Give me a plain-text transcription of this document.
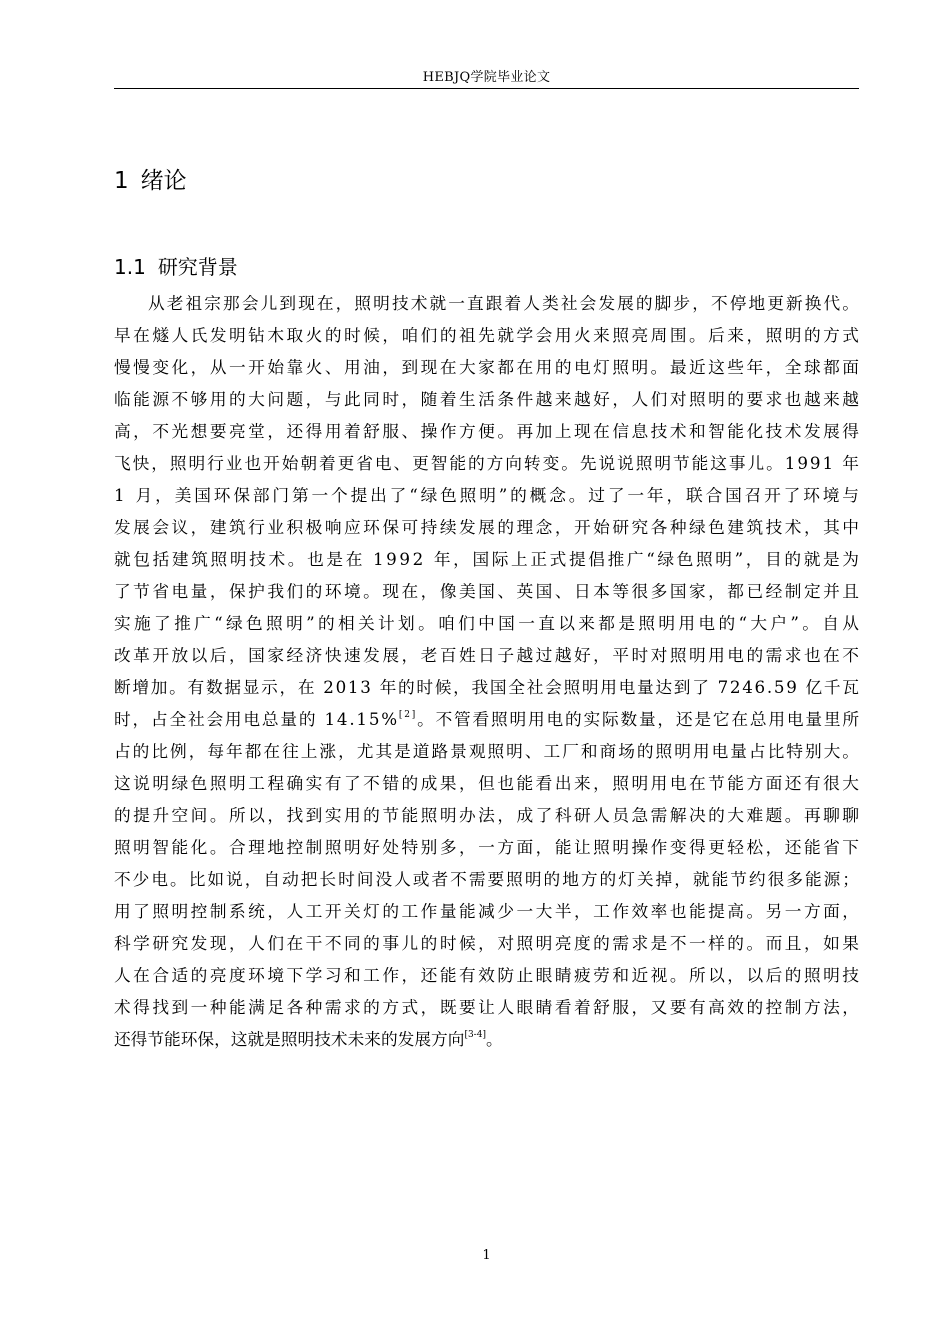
HEBJQ学院毕业论文
1 绪论
1.1 研究背景
从老祖宗那会儿到现在，照明技术就一直跟着人类社会发展的脚步，不停地更新换代。
早在燧人氏发明钻木取火的时候，咱们的祖先就学会用火来照亮周围。后来，照明的方式
慢慢变化，从一开始靠火、用油，到现在大家都在用的电灯照明。最近这些年，全球都面
临能源不够用的大问题，与此同时，随着生活条件越来越好，人们对照明的要求也越来越
高，不光想要亮堂，还得用着舒服、操作方便。再加上现在信息技术和智能化技术发展得
飞快，照明行业也开始朝着更省电、更智能的方向转变。先说说照明节能这事儿。1991 年
1 月，美国环保部门第一个提出了“绿色照明”的概念。过了一年，联合国召开了环境与
发展会议，建筑行业积极响应环保可持续发展的理念，开始研究各种绿色建筑技术，其中
就包括建筑照明技术。也是在 1992 年，国际上正式提倡推广“绿色照明”，目的就是为
了节省电量，保护我们的环境。现在，像美国、英国、日本等很多国家，都已经制定并且
实施了推广“绿色照明”的相关计划。咱们中国一直以来都是照明用电的“大户”。自从
改革开放以后，国家经济快速发展，老百姓日子越过越好，平时对照明用电的需求也在不
断增加。有数据显示，在 2013 年的时候，我国全社会照明用电量达到了 7246.59 亿千瓦
时，占全社会用电总量的 14.15%[2]。不管看照明用电的实际数量，还是它在总用电量里所
占的比例，每年都在往上涨，尤其是道路景观照明、工厂和商场的照明用电量占比特别大。
这说明绿色照明工程确实有了不错的成果，但也能看出来，照明用电在节能方面还有很大
的提升空间。所以，找到实用的节能照明办法，成了科研人员急需解决的大难题。再聊聊
照明智能化。合理地控制照明好处特别多，一方面，能让照明操作变得更轻松，还能省下
不少电。比如说，自动把长时间没人或者不需要照明的地方的灯关掉，就能节约很多能源；
用了照明控制系统，人工开关灯的工作量能减少一大半，工作效率也能提高。另一方面，
科学研究发现，人们在干不同的事儿的时候，对照明亮度的需求是不一样的。而且，如果
人在合适的亮度环境下学习和工作，还能有效防止眼睛疲劳和近视。所以，以后的照明技
术得找到一种能满足各种需求的方式，既要让人眼睛看着舒服，又要有高效的控制方法，
还得节能环保，这就是照明技术未来的发展方向[3-4]。
1
